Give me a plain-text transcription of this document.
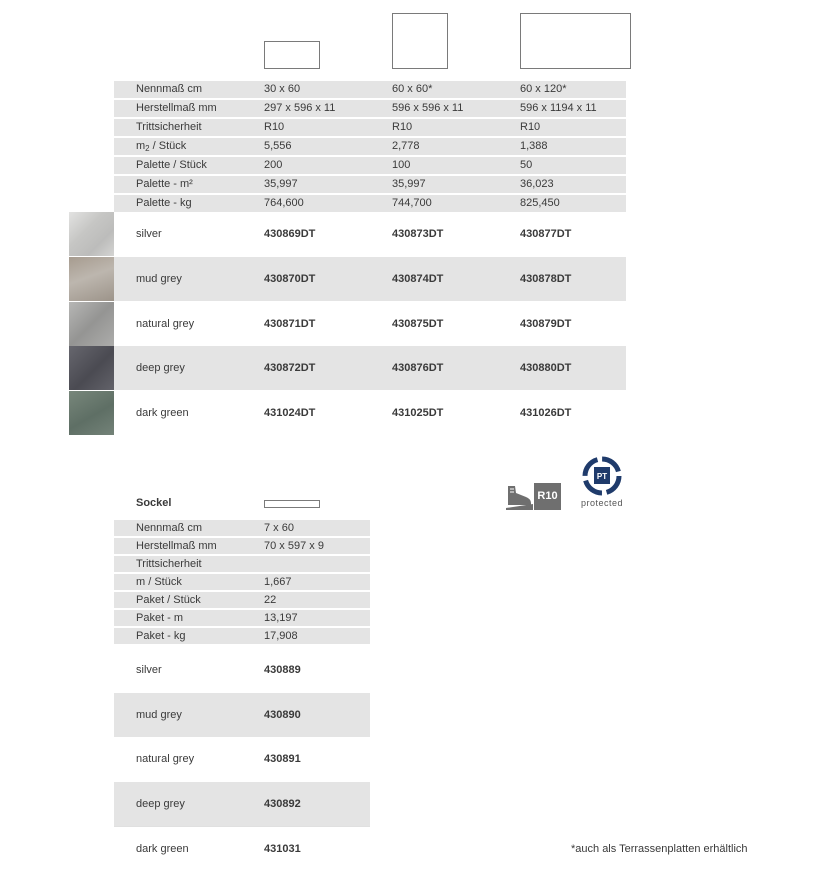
Nennmaß cm	30 x 60	60 x 60*	60 x 120*
Herstellmaß mm	297 x 596 x 11	596 x 596 x 11	596 x 1194 x 11
Trittsicherheit	R10	R10	R10
$m^2$ / Stück	5,556	2,778	1,388
Palette / Stück	200	100	50
Palette - m²	35,997	35,997	36,023
Palette - kg	764,600	744,700	825,450
silver	430869DT	430873DT	430877DT
mud grey	430870DT	430874DT	430878DT
natural grey	430871DT	430875DT	430879DT
deep grey	430872DT	430876DT	430880DT
dark green	431024DT	431025DT	431026DT
R10
PT
protected
Sockel
Nennmaß cm	7 x 60
Herstellmaß mm	70 x 597 x 9
Trittsicherheit
m / Stück	1,667
Paket / Stück	22
Paket - m	13,197
Paket - kg	17,908
silver	430889
mud grey	430890
natural grey	430891
deep grey	430892
dark green	431031	*auch als Terrassenplatten erhältlich
